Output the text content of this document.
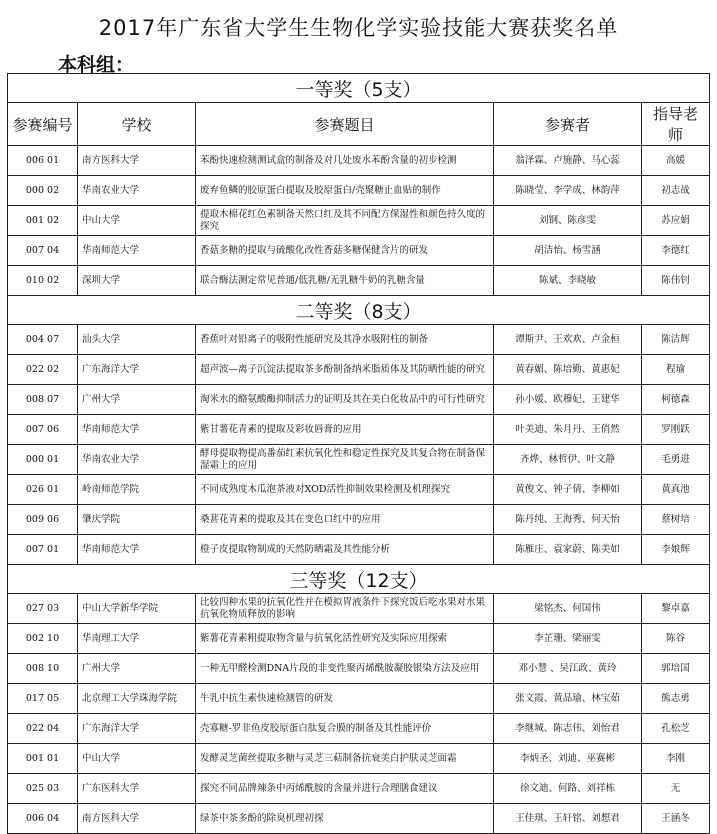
2017年广东省大学生生物化学实验技能大赛获奖名单
本科组：
一等奖（5支）				
参赛编号	学校	参赛题目	参赛者	指导老师
006 01	南方医科大学	苯酚快速检测测试盒的制备及对几处废水苯酚含量的初步检测	翁泽霖、卢施静、马心蕊	高媛
000 02	华南农业大学	废弃鱼鳞的胶原蛋白提取及胶原蛋白/壳聚糖止血贴的制作	陈晓莹、李学成、林韵萍	初志战
001 02	中山大学	提取木棉花红色素制备天然口红及其不同配方保湿性和颜色持久度的探究	刘钢、陈彦雯	苏应娟
007 04	华南师范大学	香菇多糖的提取与硫酸化改性香菇多糖保健含片的研发	胡洁怡、杨雪涵	李德红
010 02	深圳大学	联合酶法测定常见普通/低乳糖/无乳糖牛奶的乳糖含量	陈斌、李晓敏	陈伟钊
二等奖（8支）				
004 07	汕头大学	香蕉叶对铅离子的吸附性能研究及其净水吸附柱的制备	谭斯尹、王欢欢、卢金桓	陈洁辉
022 02	广东海洋大学	超声波—离子沉淀法提取茶多酚制备纳米脂质体及其防晒性能的研究	黄春媚、陈培勤、黄惠妃	程瑜
008 07	广州大学	淘米水的酪氨酸酶抑制活力的证明及其在美白化妆品中的可行性研究	孙小媛、欧穆妃、王建华	柯德森
007 06	华南师范大学	紫甘薯花青素的提取及彩妆唇膏的应用	叶美迪、朱月丹、王俏然	罗刚跃
000 01	华南农业大学	酵母提取物提高番茄红素抗氧化性和稳定性探究及其复合物在制备保湿霜上的应用	齐烨、林哲伊、叶文静	毛勇进
026 01	岭南师范学院	不同成熟度木瓜泡茶液对XOD活性抑制效果检测及机理探究	黄俊文、钟子倩、李柳如	黄真池
009 06	肇庆学院	桑葚花青素的提取及其在变色口红中的应用	陈丹纯、王海秀、何天怡	蔡树培
007 01	华南师范大学	橙子皮提取物制成的天然防晒霜及其性能分析	陈雁庄、袁家蔚、陈美如	李娘辉
三等奖（12支）				
027 03	中山大学新华学院	比较四种水果的抗氧化性并在模拟胃液条件下探究饭后吃水果对水果抗氧化物质释放的影响	梁铭杰、何国伟	黎卓嘉
002 10	华南理工大学	紫薯花青素粗提取物含量与抗氧化活性研究及实际应用探索	李芷珊、梁丽雯	陈谷
008 10	广州大学	一种无甲醛检测DNA片段的非变性聚丙烯酰胺凝胶银染方法及应用	邓小慧 、吴江政、黄玲	郭培国
017 05	北京理工大学珠海学院	牛乳中抗生素快速检测管的研发	张文霞、黄品瑜、林宝茹	熊志勇
022 04	广东海洋大学	壳寡糖-罗非鱼皮胶原蛋白肽复合膜的制备及其性能评价	李继城、陈志伟、刘怡君	孔松芝
001 01	中山大学	发酵灵芝菌丝提取多糖与灵芝三萜制备抗衰美白护肤灵芝面霜	李炳圣、刘迪、巫赛彬	李刚
025 03	广东医科大学	探究不同品牌辣条中丙烯酰胺的含量并进行合理膳食建议	徐文迪、何路、刘祥栋	无
006 04	南方医科大学	绿茶中茶多酚的除臭机理初探	王佳琪、王轩铭、刘想君	王涵冬
